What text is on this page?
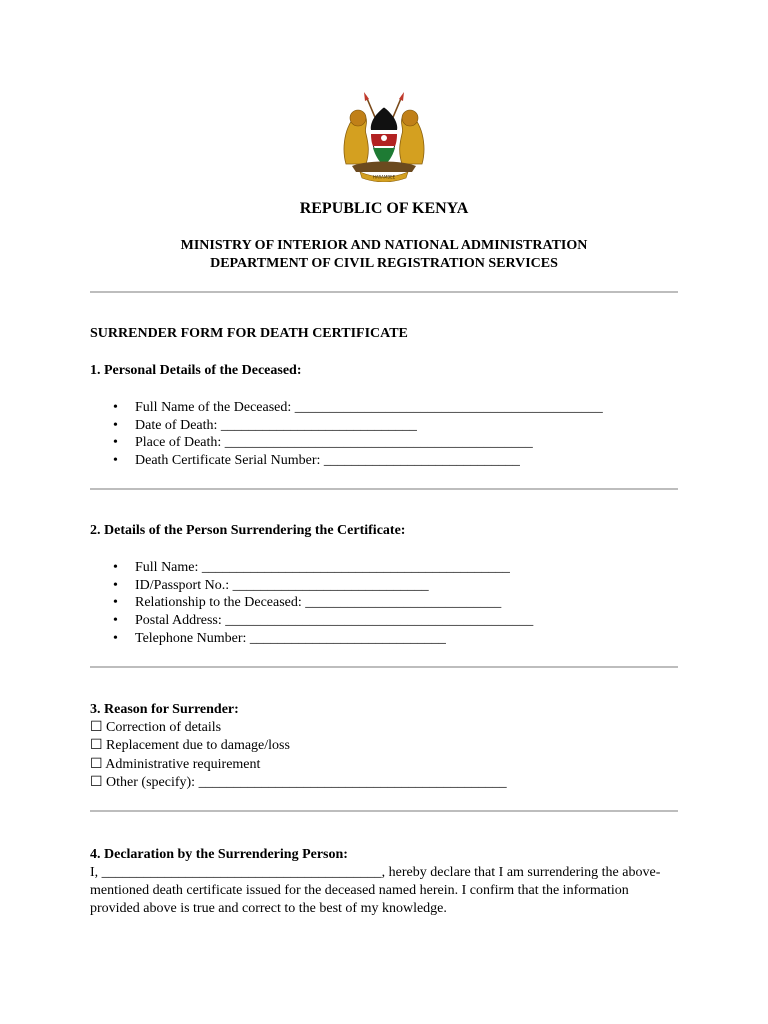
HARAMBEE
REPUBLIC OF KENYA
MINISTRY OF INTERIOR AND NATIONAL ADMINISTRATION
DEPARTMENT OF CIVIL REGISTRATION SERVICES
SURRENDER FORM FOR DEATH CERTIFICATE
1. Personal Details of the Deceased:
• Full Name of the Deceased: ____________________________________________
• Date of Death: ____________________________
• Place of Death: ____________________________________________
• Death Certificate Serial Number: ____________________________
2. Details of the Person Surrendering the Certificate:
• Full Name: ____________________________________________
• ID/Passport No.: ____________________________
• Relationship to the Deceased: ____________________________
• Postal Address: ____________________________________________
• Telephone Number: ____________________________
3. Reason for Surrender:
☐ Correction of details
☐ Replacement due to damage/loss
☐ Administrative requirement
☐ Other (specify): ____________________________________________
4. Declaration by the Surrendering Person:
I, ________________________________________, hereby declare that I am surrendering the above-mentioned death certificate issued for the deceased named herein. I confirm that the information provided above is true and correct to the best of my knowledge.
